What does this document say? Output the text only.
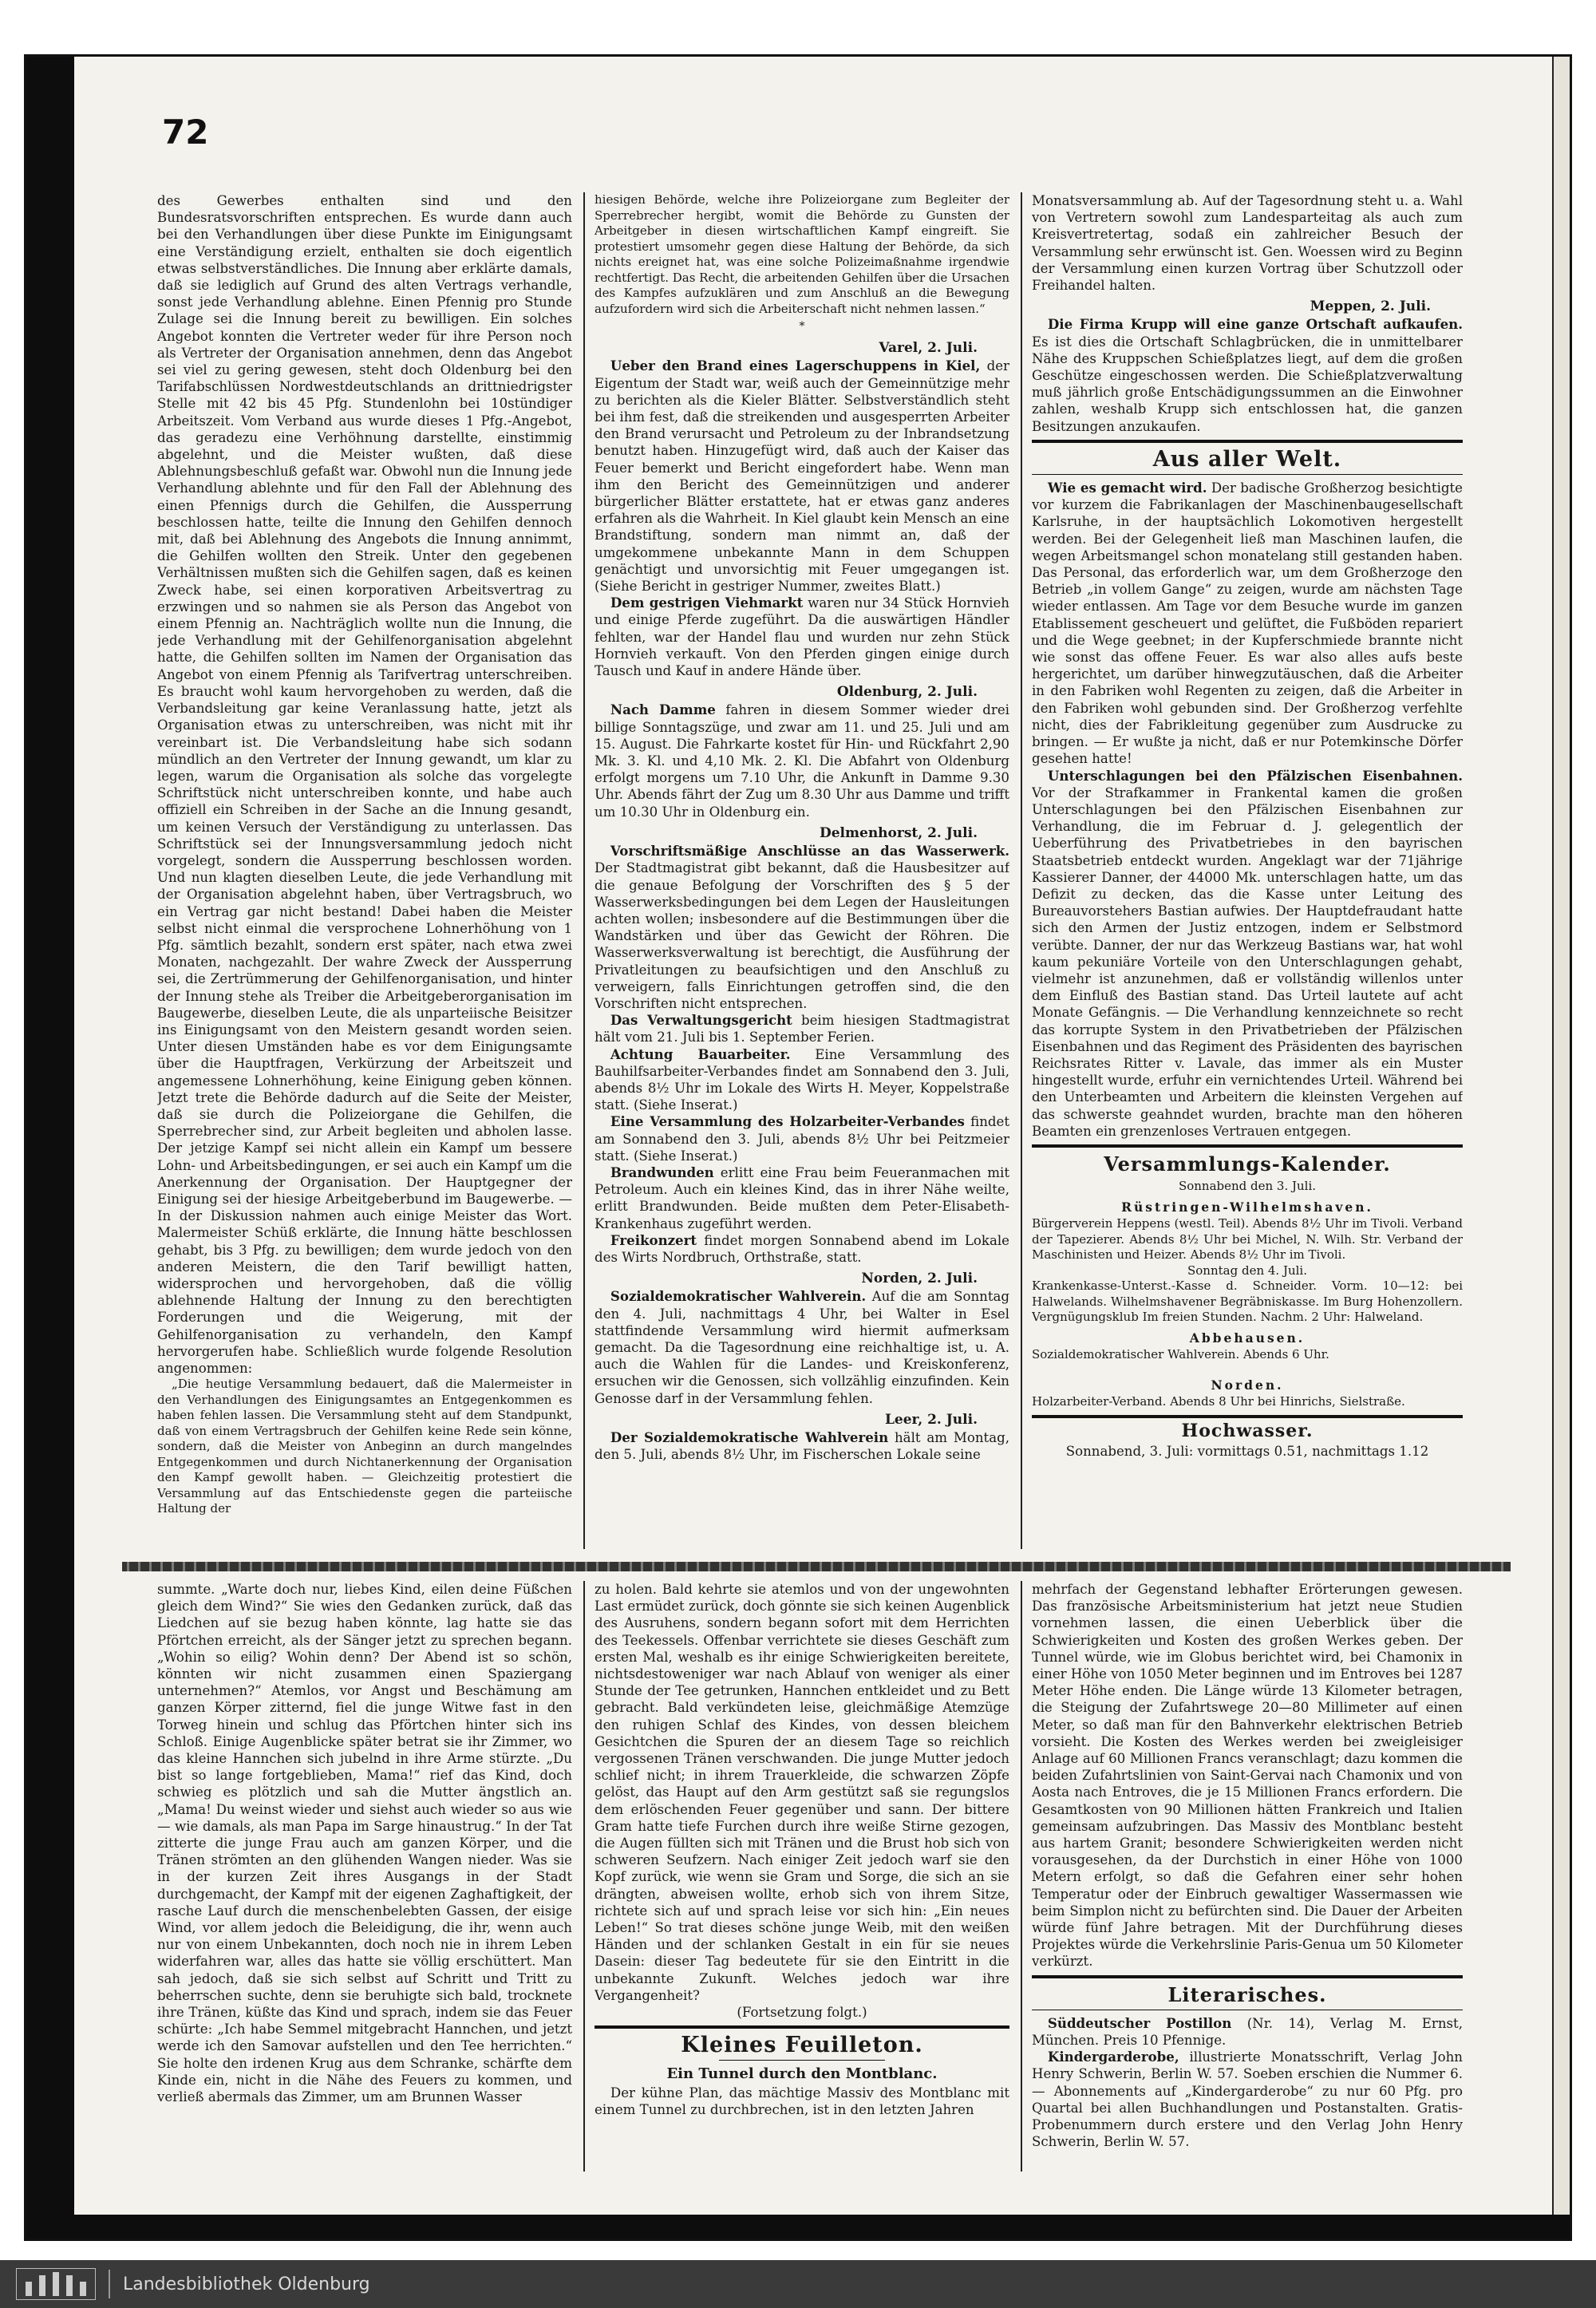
72

des Gewerbes enthalten sind und den Bundesratsvorschriften entsprechen. Es wurde dann auch bei den Verhandlungen über diese Punkte im Einigungsamt eine Verständigung erzielt, enthalten sie doch eigentlich etwas selbstverständliches. Die Innung aber erklärte damals, daß sie lediglich auf Grund des alten Vertrags verhandle, sonst jede Verhandlung ablehne. Einen Pfennig pro Stunde Zulage sei die Innung bereit zu bewilligen. Ein solches Angebot konnten die Vertreter weder für ihre Person noch als Vertreter der Organisation annehmen, denn das Angebot sei viel zu gering gewesen, steht doch Oldenburg bei den Tarifabschlüssen Nordwestdeutschlands an drittniedrigster Stelle mit 42 bis 45 Pfg. Stundenlohn bei 10stündiger Arbeitszeit. Vom Verband aus wurde dieses 1 Pfg.-Angebot, das geradezu eine Verhöhnung darstellte, einstimmig abgelehnt, und die Meister wußten, daß diese Ablehnungsbeschluß gefaßt war. Obwohl nun die Innung jede Verhandlung ablehnte und für den Fall der Ablehnung des einen Pfennigs durch die Gehilfen, die Aussperrung beschlossen hatte, teilte die Innung den Gehilfen dennoch mit, daß bei Ablehnung des Angebots die Innung annimmt, die Gehilfen wollten den Streik. Unter den gegebenen Verhältnissen mußten sich die Gehilfen sagen, daß es keinen Zweck habe, sei einen korporativen Arbeitsvertrag zu erzwingen und so nahmen sie als Person das Angebot von einem Pfennig an. Nachträglich wollte nun die Innung, die jede Verhandlung mit der Gehilfenorganisation abgelehnt hatte, die Gehilfen sollten im Namen der Organisation das Angebot von einem Pfennig als Tarifvertrag unterschreiben. Es braucht wohl kaum hervorgehoben zu werden, daß die Verbandsleitung gar keine Veranlassung hatte, jetzt als Organisation etwas zu unterschreiben, was nicht mit ihr vereinbart ist. Die Verbandsleitung habe sich sodann mündlich an den Vertreter der Innung gewandt, um klar zu legen, warum die Organisation als solche das vorgelegte Schriftstück nicht unterschreiben konnte, und habe auch offiziell ein Schreiben in der Sache an die Innung gesandt, um keinen Versuch der Verständigung zu unterlassen. Das Schriftstück sei der Innungsversammlung jedoch nicht vorgelegt, sondern die Aussperrung beschlossen worden. Und nun klagten dieselben Leute, die jede Verhandlung mit der Organisation abgelehnt haben, über Vertragsbruch, wo ein Vertrag gar nicht bestand! Dabei haben die Meister selbst nicht einmal die versprochene Lohnerhöhung von 1 Pfg. sämtlich bezahlt, sondern erst später, nach etwa zwei Monaten, nachgezahlt. Der wahre Zweck der Aussperrung sei, die Zertrümmerung der Gehilfenorganisation, und hinter der Innung stehe als Treiber die Arbeitgeberorganisation im Baugewerbe, dieselben Leute, die als unparteiische Beisitzer ins Einigungsamt von den Meistern gesandt worden seien. Unter diesen Umständen habe es vor dem Einigungsamte über die Hauptfragen, Verkürzung der Arbeitszeit und angemessene Lohnerhöhung, keine Einigung geben können. Jetzt trete die Behörde dadurch auf die Seite der Meister, daß sie durch die Polizeiorgane die Gehilfen, die Sperrebrecher sind, zur Arbeit begleiten und abholen lasse. Der jetzige Kampf sei nicht allein ein Kampf um bessere Lohn- und Arbeitsbedingungen, er sei auch ein Kampf um die Anerkennung der Organisation. Der Hauptgegner der Einigung sei der hiesige Arbeitgeberbund im Baugewerbe. — In der Diskussion nahmen auch einige Meister das Wort. Malermeister Schüß erklärte, die Innung hätte beschlossen gehabt, bis 3 Pfg. zu bewilligen; dem wurde jedoch von den anderen Meistern, die den Tarif bewilligt hatten, widersprochen und hervorgehoben, daß die völlig ablehnende Haltung der Innung zu den berechtigten Forderungen und die Weigerung, mit der Gehilfenorganisation zu verhandeln, den Kampf hervorgerufen habe. Schließlich wurde folgende Resolution angenommen:

„Die heutige Versammlung bedauert, daß die Malermeister in den Verhandlungen des Einigungsamtes an Entgegenkommen es haben fehlen lassen. Die Versammlung steht auf dem Standpunkt, daß von einem Vertragsbruch der Gehilfen keine Rede sein könne, sondern, daß die Meister von Anbeginn an durch mangelndes Entgegenkommen und durch Nichtanerkennung der Organisation den Kampf gewollt haben. — Gleichzeitig protestiert die Versammlung auf das Entschiedenste gegen die parteiische Haltung der

hiesigen Behörde, welche ihre Polizeiorgane zum Begleiter der Sperrebrecher hergibt, womit die Behörde zu Gunsten der Arbeitgeber in diesen wirtschaftlichen Kampf eingreift. Sie protestiert umsomehr gegen diese Haltung der Behörde, da sich nichts ereignet hat, was eine solche Polizeimaßnahme irgendwie rechtfertigt. Das Recht, die arbeitenden Gehilfen über die Ursachen des Kampfes aufzuklären und zum Anschluß an die Bewegung aufzufordern wird sich die Arbeiterschaft nicht nehmen lassen.“

*
Varel, 2. Juli.

Ueber den Brand eines Lagerschuppens in Kiel, der Eigentum der Stadt war, weiß auch der Gemeinnützige mehr zu berichten als die Kieler Blätter. Selbstverständlich steht bei ihm fest, daß die streikenden und ausgesperrten Arbeiter den Brand verursacht und Petroleum zu der Inbrandsetzung benutzt haben. Hinzugefügt wird, daß auch der Kaiser das Feuer bemerkt und Bericht eingefordert habe. Wenn man ihm den Bericht des Gemeinnützigen und anderer bürgerlicher Blätter erstattete, hat er etwas ganz anderes erfahren als die Wahrheit. In Kiel glaubt kein Mensch an eine Brandstiftung, sondern man nimmt an, daß der umgekommene unbekannte Mann in dem Schuppen genächtigt und unvorsichtig mit Feuer umgegangen ist. (Siehe Bericht in gestriger Nummer, zweites Blatt.)

Dem gestrigen Viehmarkt waren nur 34 Stück Hornvieh und einige Pferde zugeführt. Da die auswärtigen Händler fehlten, war der Handel flau und wurden nur zehn Stück Hornvieh verkauft. Von den Pferden gingen einige durch Tausch und Kauf in andere Hände über.

Oldenburg, 2. Juli.

Nach Damme fahren in diesem Sommer wieder drei billige Sonntagszüge, und zwar am 11. und 25. Juli und am 15. August. Die Fahrkarte kostet für Hin- und Rückfahrt 2,90 Mk. 3. Kl. und 4,10 Mk. 2. Kl. Die Abfahrt von Oldenburg erfolgt morgens um 7.10 Uhr, die Ankunft in Damme 9.30 Uhr. Abends fährt der Zug um 8.30 Uhr aus Damme und trifft um 10.30 Uhr in Oldenburg ein.

Delmenhorst, 2. Juli.

Vorschriftsmäßige Anschlüsse an das Wasserwerk. Der Stadtmagistrat gibt bekannt, daß die Hausbesitzer auf die genaue Befolgung der Vorschriften des § 5 der Wasserwerksbedingungen bei dem Legen der Hausleitungen achten wollen; insbesondere auf die Bestimmungen über die Wandstärken und über das Gewicht der Röhren. Die Wasserwerksverwaltung ist berechtigt, die Ausführung der Privatleitungen zu beaufsichtigen und den Anschluß zu verweigern, falls Einrichtungen getroffen sind, die den Vorschriften nicht entsprechen.

Das Verwaltungsgericht beim hiesigen Stadtmagistrat hält vom 21. Juli bis 1. September Ferien.

Achtung Bauarbeiter. Eine Versammlung des Bauhilfsarbeiter-Verbandes findet am Sonnabend den 3. Juli, abends 8½ Uhr im Lokale des Wirts H. Meyer, Koppelstraße statt. (Siehe Inserat.)

Eine Versammlung des Holzarbeiter-Verbandes findet am Sonnabend den 3. Juli, abends 8½ Uhr bei Peitzmeier statt. (Siehe Inserat.)

Brandwunden erlitt eine Frau beim Feueranmachen mit Petroleum. Auch ein kleines Kind, das in ihrer Nähe weilte, erlitt Brandwunden. Beide mußten dem Peter-Elisabeth-Krankenhaus zugeführt werden.

Freikonzert findet morgen Sonnabend abend im Lokale des Wirts Nordbruch, Orthstraße, statt.

Norden, 2. Juli.

Sozialdemokratischer Wahlverein. Auf die am Sonntag den 4. Juli, nachmittags 4 Uhr, bei Walter in Esel stattfindende Versammlung wird hiermit aufmerksam gemacht. Da die Tagesordnung eine reichhaltige ist, u. A. auch die Wahlen für die Landes- und Kreiskonferenz, ersuchen wir die Genossen, sich vollzählig einzufinden. Kein Genosse darf in der Versammlung fehlen.

Leer, 2. Juli.

Der Sozialdemokratische Wahlverein hält am Montag, den 5. Juli, abends 8½ Uhr, im Fischerschen Lokale seine

Monatsversammlung ab. Auf der Tagesordnung steht u. a. Wahl von Vertretern sowohl zum Landesparteitag als auch zum Kreisvertretertag, sodaß ein zahlreicher Besuch der Versammlung sehr erwünscht ist. Gen. Woessen wird zu Beginn der Versammlung einen kurzen Vortrag über Schutzzoll oder Freihandel halten.

Meppen, 2. Juli.

Die Firma Krupp will eine ganze Ortschaft aufkaufen. Es ist dies die Ortschaft Schlagbrücken, die in unmittelbarer Nähe des Kruppschen Schießplatzes liegt, auf dem die großen Geschütze eingeschossen werden. Die Schießplatzverwaltung muß jährlich große Entschädigungssummen an die Einwohner zahlen, weshalb Krupp sich entschlossen hat, die ganzen Besitzungen anzukaufen.

Aus aller Welt.

Wie es gemacht wird. Der badische Großherzog besichtigte vor kurzem die Fabrikanlagen der Maschinenbaugesellschaft Karlsruhe, in der hauptsächlich Lokomotiven hergestellt werden. Bei der Gelegenheit ließ man Maschinen laufen, die wegen Arbeitsmangel schon monatelang still gestanden haben. Das Personal, das erforderlich war, um dem Großherzoge den Betrieb „in vollem Gange“ zu zeigen, wurde am nächsten Tage wieder entlassen. Am Tage vor dem Besuche wurde im ganzen Etablissement gescheuert und gelüftet, die Fußböden repariert und die Wege geebnet; in der Kupferschmiede brannte nicht wie sonst das offene Feuer. Es war also alles aufs beste hergerichtet, um darüber hinwegzutäuschen, daß die Arbeiter in den Fabriken wohl Regenten zu zeigen, daß die Arbeiter in den Fabriken wohl gebunden sind. Der Großherzog verfehlte nicht, dies der Fabrikleitung gegenüber zum Ausdrucke zu bringen. — Er wußte ja nicht, daß er nur Potemkinsche Dörfer gesehen hatte!

Unterschlagungen bei den Pfälzischen Eisenbahnen. Vor der Strafkammer in Frankental kamen die großen Unterschlagungen bei den Pfälzischen Eisenbahnen zur Verhandlung, die im Februar d. J. gelegentlich der Ueberführung des Privatbetriebes in den bayrischen Staatsbetrieb entdeckt wurden. Angeklagt war der 71jährige Kassierer Danner, der 44000 Mk. unterschlagen hatte, um das Defizit zu decken, das die Kasse unter Leitung des Bureauvorstehers Bastian aufwies. Der Hauptdefraudant hatte sich den Armen der Justiz entzogen, indem er Selbstmord verübte. Danner, der nur das Werkzeug Bastians war, hat wohl kaum pekuniäre Vorteile von den Unterschlagungen gehabt, vielmehr ist anzunehmen, daß er vollständig willenlos unter dem Einfluß des Bastian stand. Das Urteil lautete auf acht Monate Gefängnis. — Die Verhandlung kennzeichnete so recht das korrupte System in den Privatbetrieben der Pfälzischen Eisenbahnen und das Regiment des Präsidenten des bayrischen Reichsrates Ritter v. Lavale, das immer als ein Muster hingestellt wurde, erfuhr ein vernichtendes Urteil. Während bei den Unterbeamten und Arbeitern die kleinsten Vergehen auf das schwerste geahndet wurden, brachte man den höheren Beamten ein grenzenloses Vertrauen entgegen.

Versammlungs-Kalender.
Sonnabend den 3. Juli.
Rüstringen-Wilhelmshaven.
Bürgerverein Heppens (westl. Teil). Abends 8½ Uhr im Tivoli. Verband der Tapezierer. Abends 8½ Uhr bei Michel, N. Wilh. Str. Verband der Maschinisten und Heizer. Abends 8½ Uhr im Tivoli.
Sonntag den 4. Juli.
Krankenkasse-Unterst.-Kasse d. Schneider. Vorm. 10—12: bei Halwelands. Wilhelmshavener Begräbniskasse. Im Burg Hohenzollern. Vergnügungsklub Im freien Stunden. Nachm. 2 Uhr: Halweland.
Abbehausen.
Sozialdemokratischer Wahlverein. Abends 6 Uhr.
Norden.
Holzarbeiter-Verband. Abends 8 Uhr bei Hinrichs, Sielstraße.
Hochwasser.

Sonnabend, 3. Juli: vormittags 0.51, nachmittags 1.12

summte. „Warte doch nur, liebes Kind, eilen deine Füßchen gleich dem Wind?“ Sie wies den Gedanken zurück, daß das Liedchen auf sie bezug haben könnte, lag hatte sie das Pförtchen erreicht, als der Sänger jetzt zu sprechen begann. „Wohin so eilig? Wohin denn? Der Abend ist so schön, könnten wir nicht zusammen einen Spaziergang unternehmen?“ Atemlos, vor Angst und Beschämung am ganzen Körper zitternd, fiel die junge Witwe fast in den Torweg hinein und schlug das Pförtchen hinter sich ins Schloß. Einige Augenblicke später betrat sie ihr Zimmer, wo das kleine Hannchen sich jubelnd in ihre Arme stürzte. „Du bist so lange fortgeblieben, Mama!“ rief das Kind, doch schwieg es plötzlich und sah die Mutter ängstlich an. „Mama! Du weinst wieder und siehst auch wieder so aus wie — wie damals, als man Papa im Sarge hinaustrug.“ In der Tat zitterte die junge Frau auch am ganzen Körper, und die Tränen strömten an den glühenden Wangen nieder. Was sie in der kurzen Zeit ihres Ausgangs in der Stadt durchgemacht, der Kampf mit der eigenen Zaghaftigkeit, der rasche Lauf durch die menschenbelebten Gassen, der eisige Wind, vor allem jedoch die Beleidigung, die ihr, wenn auch nur von einem Unbekannten, doch noch nie in ihrem Leben widerfahren war, alles das hatte sie völlig erschüttert. Man sah jedoch, daß sie sich selbst auf Schritt und Tritt zu beherrschen suchte, denn sie beruhigte sich bald, trocknete ihre Tränen, küßte das Kind und sprach, indem sie das Feuer schürte: „Ich habe Semmel mitgebracht Hannchen, und jetzt werde ich den Samovar aufstellen und den Tee herrichten.“ Sie holte den irdenen Krug aus dem Schranke, schärfte dem Kinde ein, nicht in die Nähe des Feuers zu kommen, und verließ abermals das Zimmer, um am Brunnen Wasser

zu holen. Bald kehrte sie atemlos und von der ungewohnten Last ermüdet zurück, doch gönnte sie sich keinen Augenblick des Ausruhens, sondern begann sofort mit dem Herrichten des Teekessels. Offenbar verrichtete sie dieses Geschäft zum ersten Mal, weshalb es ihr einige Schwierigkeiten bereitete, nichtsdestoweniger war nach Ablauf von weniger als einer Stunde der Tee getrunken, Hannchen entkleidet und zu Bett gebracht. Bald verkündeten leise, gleichmäßige Atemzüge den ruhigen Schlaf des Kindes, von dessen bleichem Gesichtchen die Spuren der an diesem Tage so reichlich vergossenen Tränen verschwanden. Die junge Mutter jedoch schlief nicht; in ihrem Trauerkleide, die schwarzen Zöpfe gelöst, das Haupt auf den Arm gestützt saß sie regungslos dem erlöschenden Feuer gegenüber und sann. Der bittere Gram hatte tiefe Furchen durch ihre weiße Stirne gezogen, die Augen füllten sich mit Tränen und die Brust hob sich von schweren Seufzern. Nach einiger Zeit jedoch warf sie den Kopf zurück, wie wenn sie Gram und Sorge, die sich an sie drängten, abweisen wollte, erhob sich von ihrem Sitze, richtete sich auf und sprach leise vor sich hin: „Ein neues Leben!“ So trat dieses schöne junge Weib, mit den weißen Händen und der schlanken Gestalt in ein für sie neues Dasein: dieser Tag bedeutete für sie den Eintritt in die unbekannte Zukunft. Welches jedoch war ihre Vergangenheit?

(Fortsetzung folgt.)
Kleines Feuilleton.
Ein Tunnel durch den Montblanc.

Der kühne Plan, das mächtige Massiv des Montblanc mit einem Tunnel zu durchbrechen, ist in den letzten Jahren

mehrfach der Gegenstand lebhafter Erörterungen gewesen. Das französische Arbeitsministerium hat jetzt neue Studien vornehmen lassen, die einen Ueberblick über die Schwierigkeiten und Kosten des großen Werkes geben. Der Tunnel würde, wie im Globus berichtet wird, bei Chamonix in einer Höhe von 1050 Meter beginnen und im Entroves bei 1287 Meter Höhe enden. Die Länge würde 13 Kilometer betragen, die Steigung der Zufahrtswege 20—80 Millimeter auf einen Meter, so daß man für den Bahnverkehr elektrischen Betrieb vorsieht. Die Kosten des Werkes werden bei zweigleisiger Anlage auf 60 Millionen Francs veranschlagt; dazu kommen die beiden Zufahrtslinien von Saint-Gervai nach Chamonix und von Aosta nach Entroves, die je 15 Millionen Francs erfordern. Die Gesamtkosten von 90 Millionen hätten Frankreich und Italien gemeinsam aufzubringen. Das Massiv des Montblanc besteht aus hartem Granit; besondere Schwierigkeiten werden nicht vorausgesehen, da der Durchstich in einer Höhe von 1000 Metern erfolgt, so daß die Gefahren einer sehr hohen Temperatur oder der Einbruch gewaltiger Wassermassen wie beim Simplon nicht zu befürchten sind. Die Dauer der Arbeiten würde fünf Jahre betragen. Mit der Durchführung dieses Projektes würde die Verkehrslinie Paris-Genua um 50 Kilometer verkürzt.

Literarisches.

Süddeutscher Postillon (Nr. 14), Verlag M. Ernst, München. Preis 10 Pfennige.

Kindergarderobe, illustrierte Monatsschrift, Verlag John Henry Schwerin, Berlin W. 57. Soeben erschien die Nummer 6. — Abonnements auf „Kindergarderobe“ zu nur 60 Pfg. pro Quartal bei allen Buchhandlungen und Postanstalten. Gratis-Probenummern durch erstere und den Verlag John Henry Schwerin, Berlin W. 57.

Landesbibliothek Oldenburg
